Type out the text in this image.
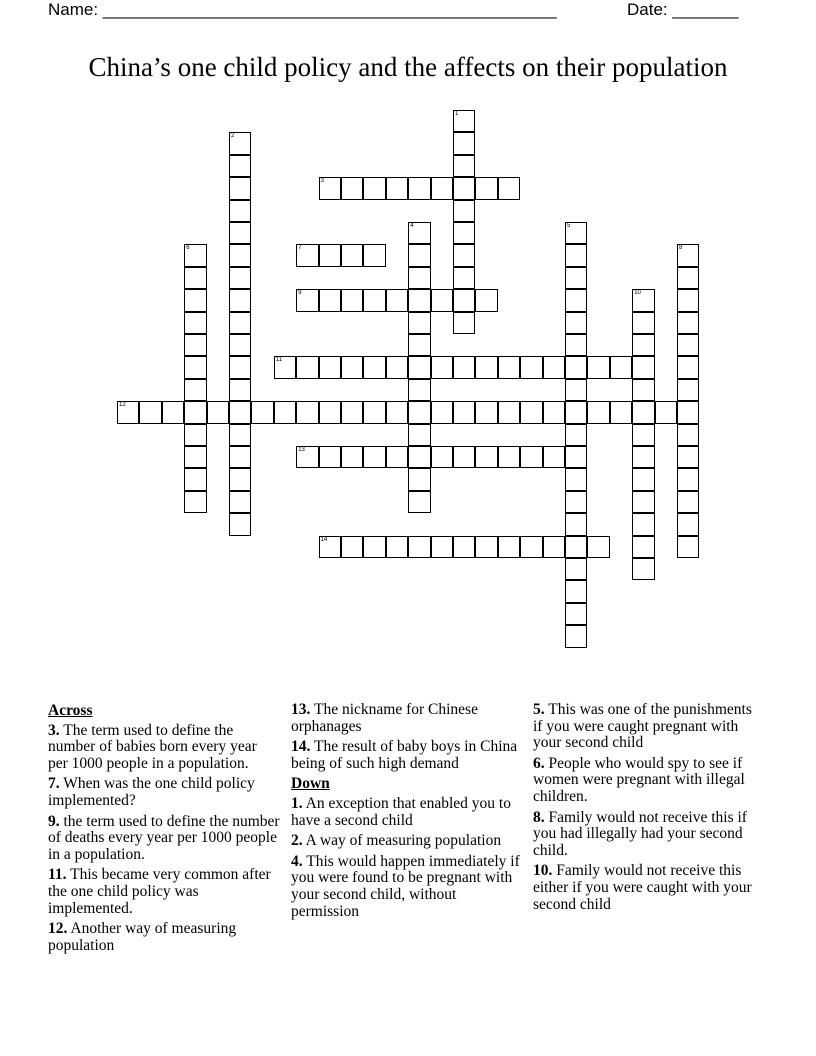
Name: ________________________________________________	Date: _______
China’s one child policy and the affects on their population
1
2
3
4	5
6	7	8
9	10
11
12
13
14
Across
3. The term used to define the number of babies born every year per 1000 people in a population.
7. When was the one child policy implemented?
9. the term used to define the number of deaths every year per 1000 people in a population.
11. This became very common after the one child policy was implemented.
12. Another way of measuring population
13. The nickname for Chinese orphanages
14. The result of baby boys in China being of such high demand
Down
1. An exception that enabled you to have a second child
2. A way of measuring population
4. This would happen immediately if you were found to be pregnant with your second child, without permission
5. This was one of the punishments if you were caught pregnant with your second child
6. People who would spy to see if women were pregnant with illegal children.
8. Family would not receive this if you had illegally had your second child.
10. Family would not receive this either if you were caught with your second child
